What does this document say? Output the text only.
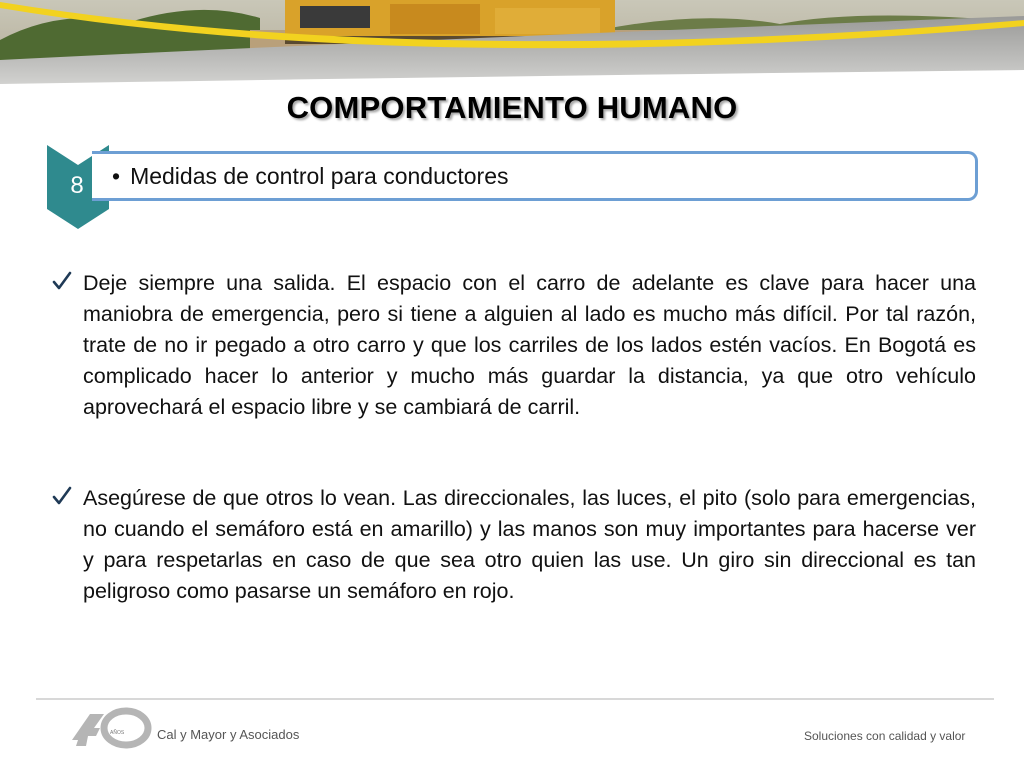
COMPORTAMIENTO HUMANO
8	• Medidas de control para conductores

Deje siempre una salida. El espacio con el carro de adelante es clave para hacer una maniobra de emergencia, pero si tiene a alguien al lado es mucho más difícil. Por tal razón, trate de no ir pegado a otro carro y que los carriles de los lados estén vacíos. En Bogotá es complicado hacer lo anterior y mucho más guardar la distancia, ya que otro vehículo aprovechará el espacio libre y se cambiará de carril.

Asegúrese de que otros lo vean. Las direccionales, las luces, el pito (solo para emergencias, no cuando el semáforo está en amarillo) y las manos son muy importantes para hacerse ver y para respetarlas en caso de que sea otro quien las use. Un giro sin direccional es tan peligroso como pasarse un semáforo en rojo.

AÑOS	Cal y Mayor y Asociados	Soluciones con calidad y valor
